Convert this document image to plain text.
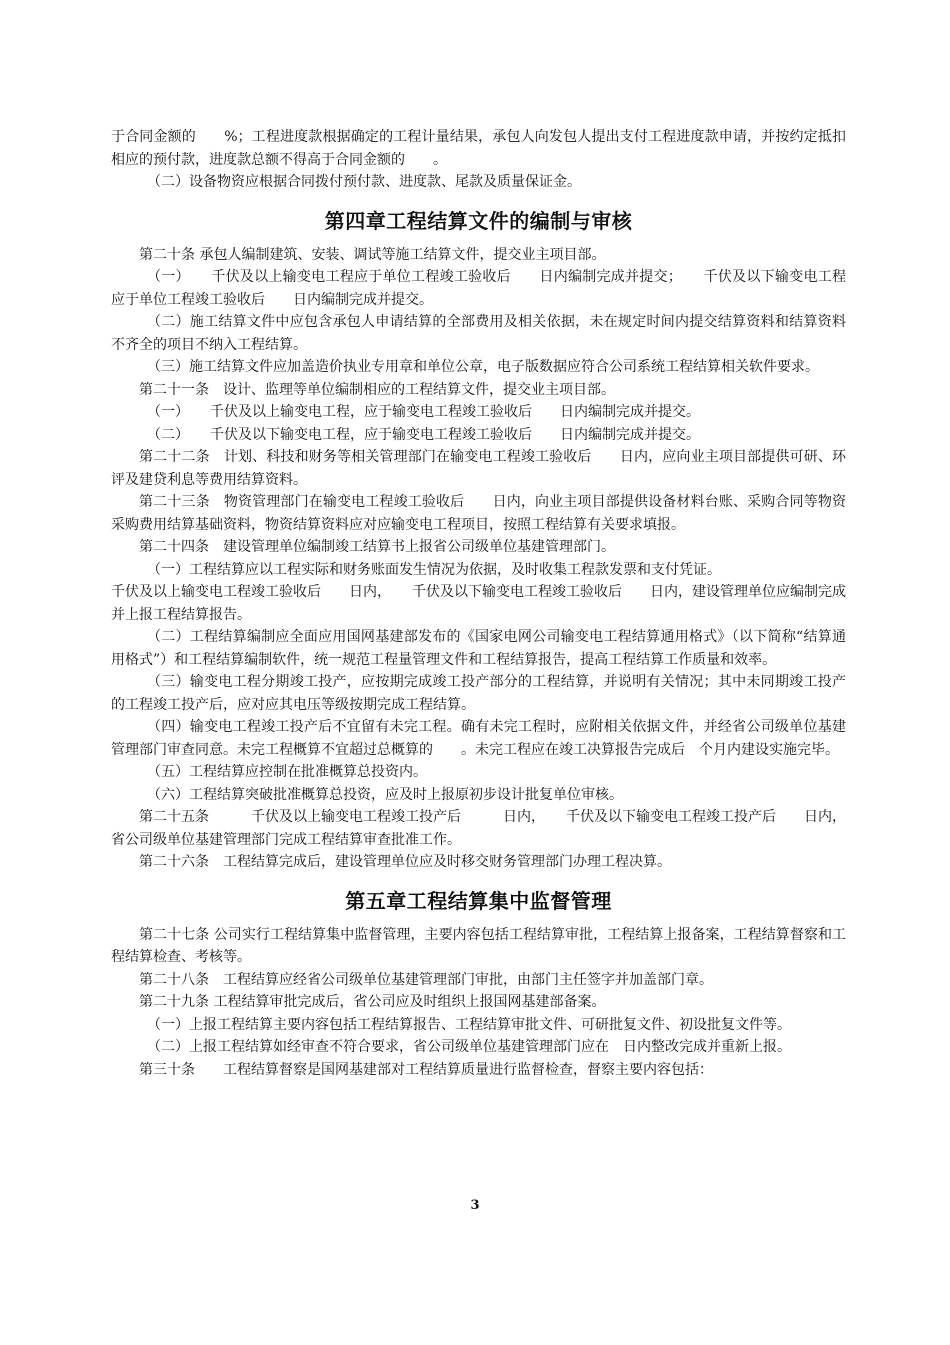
于合同金额的　　%；工程进度款根据确定的工程计量结果，承包人向发包人提出支付工程进度款申请，并按约定抵扣相应的预付款，进度款总额不得高于合同金额的　　。

（二）设备物资应根据合同拨付预付款、进度款、尾款及质量保证金。

第四章工程结算文件的编制与审核

第二十条 承包人编制建筑、安装、调试等施工结算文件，提交业主项目部。

（一）　　千伏及以上输变电工程应于单位工程竣工验收后　　日内编制完成并提交；　　千伏及以下输变电工程应于单位工程竣工验收后　　日内编制完成并提交。

（二）施工结算文件中应包含承包人申请结算的全部费用及相关依据，未在规定时间内提交结算资料和结算资料不齐全的项目不纳入工程结算。

（三）施工结算文件应加盖造价执业专用章和单位公章，电子版数据应符合公司系统工程结算相关软件要求。

第二十一条　设计、监理等单位编制相应的工程结算文件，提交业主项目部。

（一）　　千伏及以上输变电工程，应于输变电工程竣工验收后　　日内编制完成并提交。

（二）　　千伏及以下输变电工程，应于输变电工程竣工验收后　　日内编制完成并提交。

第二十二条　计划、科技和财务等相关管理部门在输变电工程竣工验收后　　日内，应向业主项目部提供可研、环评及建贷利息等费用结算资料。

第二十三条　物资管理部门在输变电工程竣工验收后　　日内，向业主项目部提供设备材料台账、采购合同等物资采购费用结算基础资料，物资结算资料应对应输变电工程项目，按照工程结算有关要求填报。

第二十四条　建设管理单位编制竣工结算书上报省公司级单位基建管理部门。

（一）工程结算应以工程实际和财务账面发生情况为依据，及时收集工程款发票和支付凭证。

千伏及以上输变电工程竣工验收后　　日内，　　千伏及以下输变电工程竣工验收后　　日内，建设管理单位应编制完成并上报工程结算报告。

（二）工程结算编制应全面应用国网基建部发布的《国家电网公司输变电工程结算通用格式》（以下简称“结算通用格式”）和工程结算编制软件，统一规范工程量管理文件和工程结算报告，提高工程结算工作质量和效率。

（三）输变电工程分期竣工投产，应按期完成竣工投产部分的工程结算，并说明有关情况；其中未同期竣工投产的工程竣工投产后，应对应其电压等级按期完成工程结算。

（四）输变电工程竣工投产后不宜留有未完工程。确有未完工程时，应附相关依据文件，并经省公司级单位基建管理部门审查同意。未完工程概算不宜超过总概算的　　。未完工程应在竣工决算报告完成后　个月内建设实施完毕。

（五）工程结算应控制在批准概算总投资内。

（六）工程结算突破批准概算总投资，应及时上报原初步设计批复单位审核。

第二十五条　　　千伏及以上输变电工程竣工投产后　　　日内，　　千伏及以下输变电工程竣工投产后　　日内，省公司级单位基建管理部门完成工程结算审查批准工作。

第二十六条　工程结算完成后，建设管理单位应及时移交财务管理部门办理工程决算。

第五章工程结算集中监督管理

第二十七条 公司实行工程结算集中监督管理，主要内容包括工程结算审批，工程结算上报备案，工程结算督察和工程结算检查、考核等。

第二十八条　工程结算应经省公司级单位基建管理部门审批，由部门主任签字并加盖部门章。

第二十九条 工程结算审批完成后，省公司应及时组织上报国网基建部备案。

（一）上报工程结算主要内容包括工程结算报告、工程结算审批文件、可研批复文件、初设批复文件等。

（二）上报工程结算如经审查不符合要求，省公司级单位基建管理部门应在　日内整改完成并重新上报。

第三十条　　工程结算督察是国网基建部对工程结算质量进行监督检查，督察主要内容包括：

3
